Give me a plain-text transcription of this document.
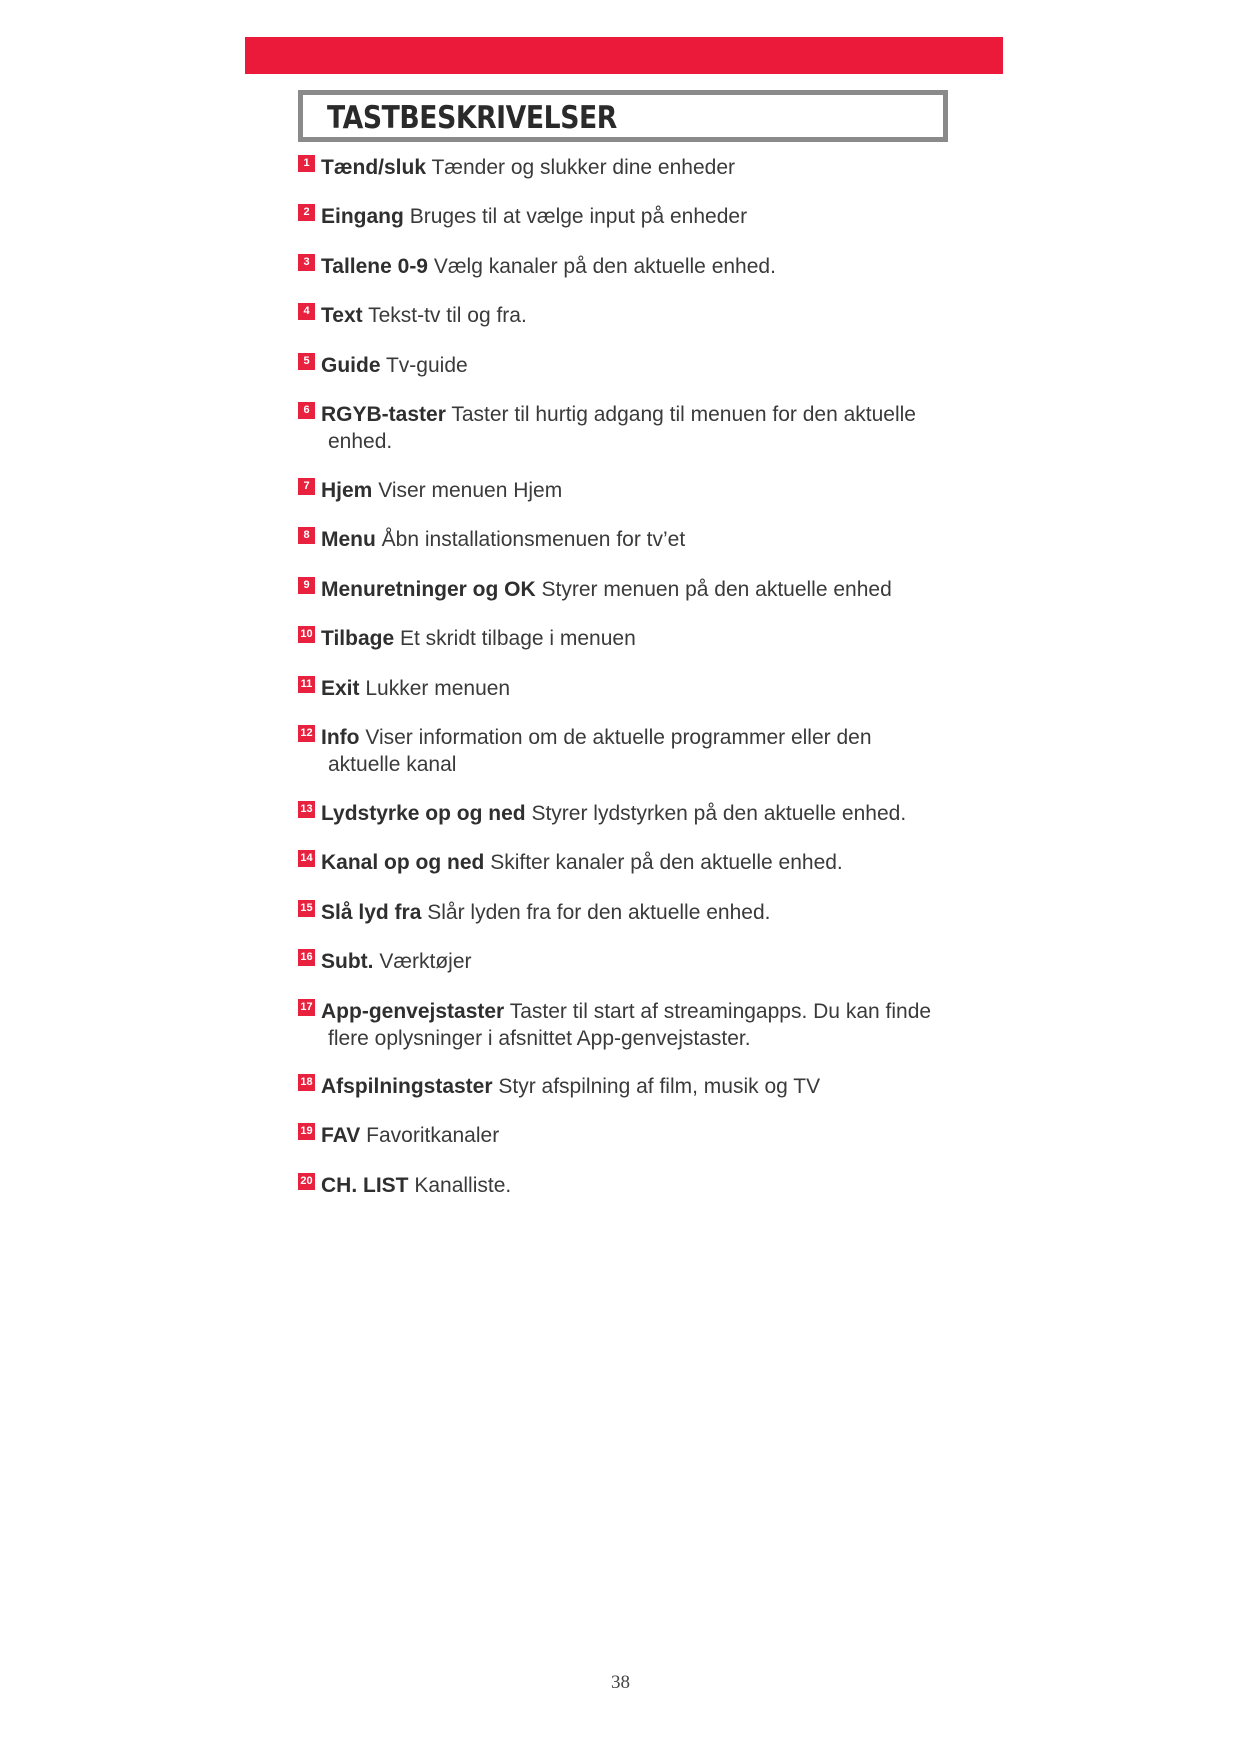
TASTBESKRIVELSER
1 Tænd/sluk Tænder og slukker dine enheder
2 Eingang Bruges til at vælge input på enheder
3 Tallene 0-9 Vælg kanaler på den aktuelle enhed.
4 Text Tekst-tv til og fra.
5 Guide Tv-guide
6 RGYB-taster Taster til hurtig adgang til menuen for den aktuelle
enhed.
7 Hjem Viser menuen Hjem
8 Menu Åbn installationsmenuen for tv’et
9 Menuretninger og OK Styrer menuen på den aktuelle enhed
10 Tilbage Et skridt tilbage i menuen
11 Exit Lukker menuen
12 Info Viser information om de aktuelle programmer eller den
aktuelle kanal
13 Lydstyrke op og ned Styrer lydstyrken på den aktuelle enhed.
14 Kanal op og ned Skifter kanaler på den aktuelle enhed.
15 Slå lyd fra Slår lyden fra for den aktuelle enhed.
16 Subt. Værktøjer
17 App-genvejstaster Taster til start af streamingapps. Du kan finde
flere oplysninger i afsnittet App-genvejstaster.
18 Afspilningstaster Styr afspilning af film, musik og TV
19 FAV Favoritkanaler
20 CH. LIST Kanalliste.
38
